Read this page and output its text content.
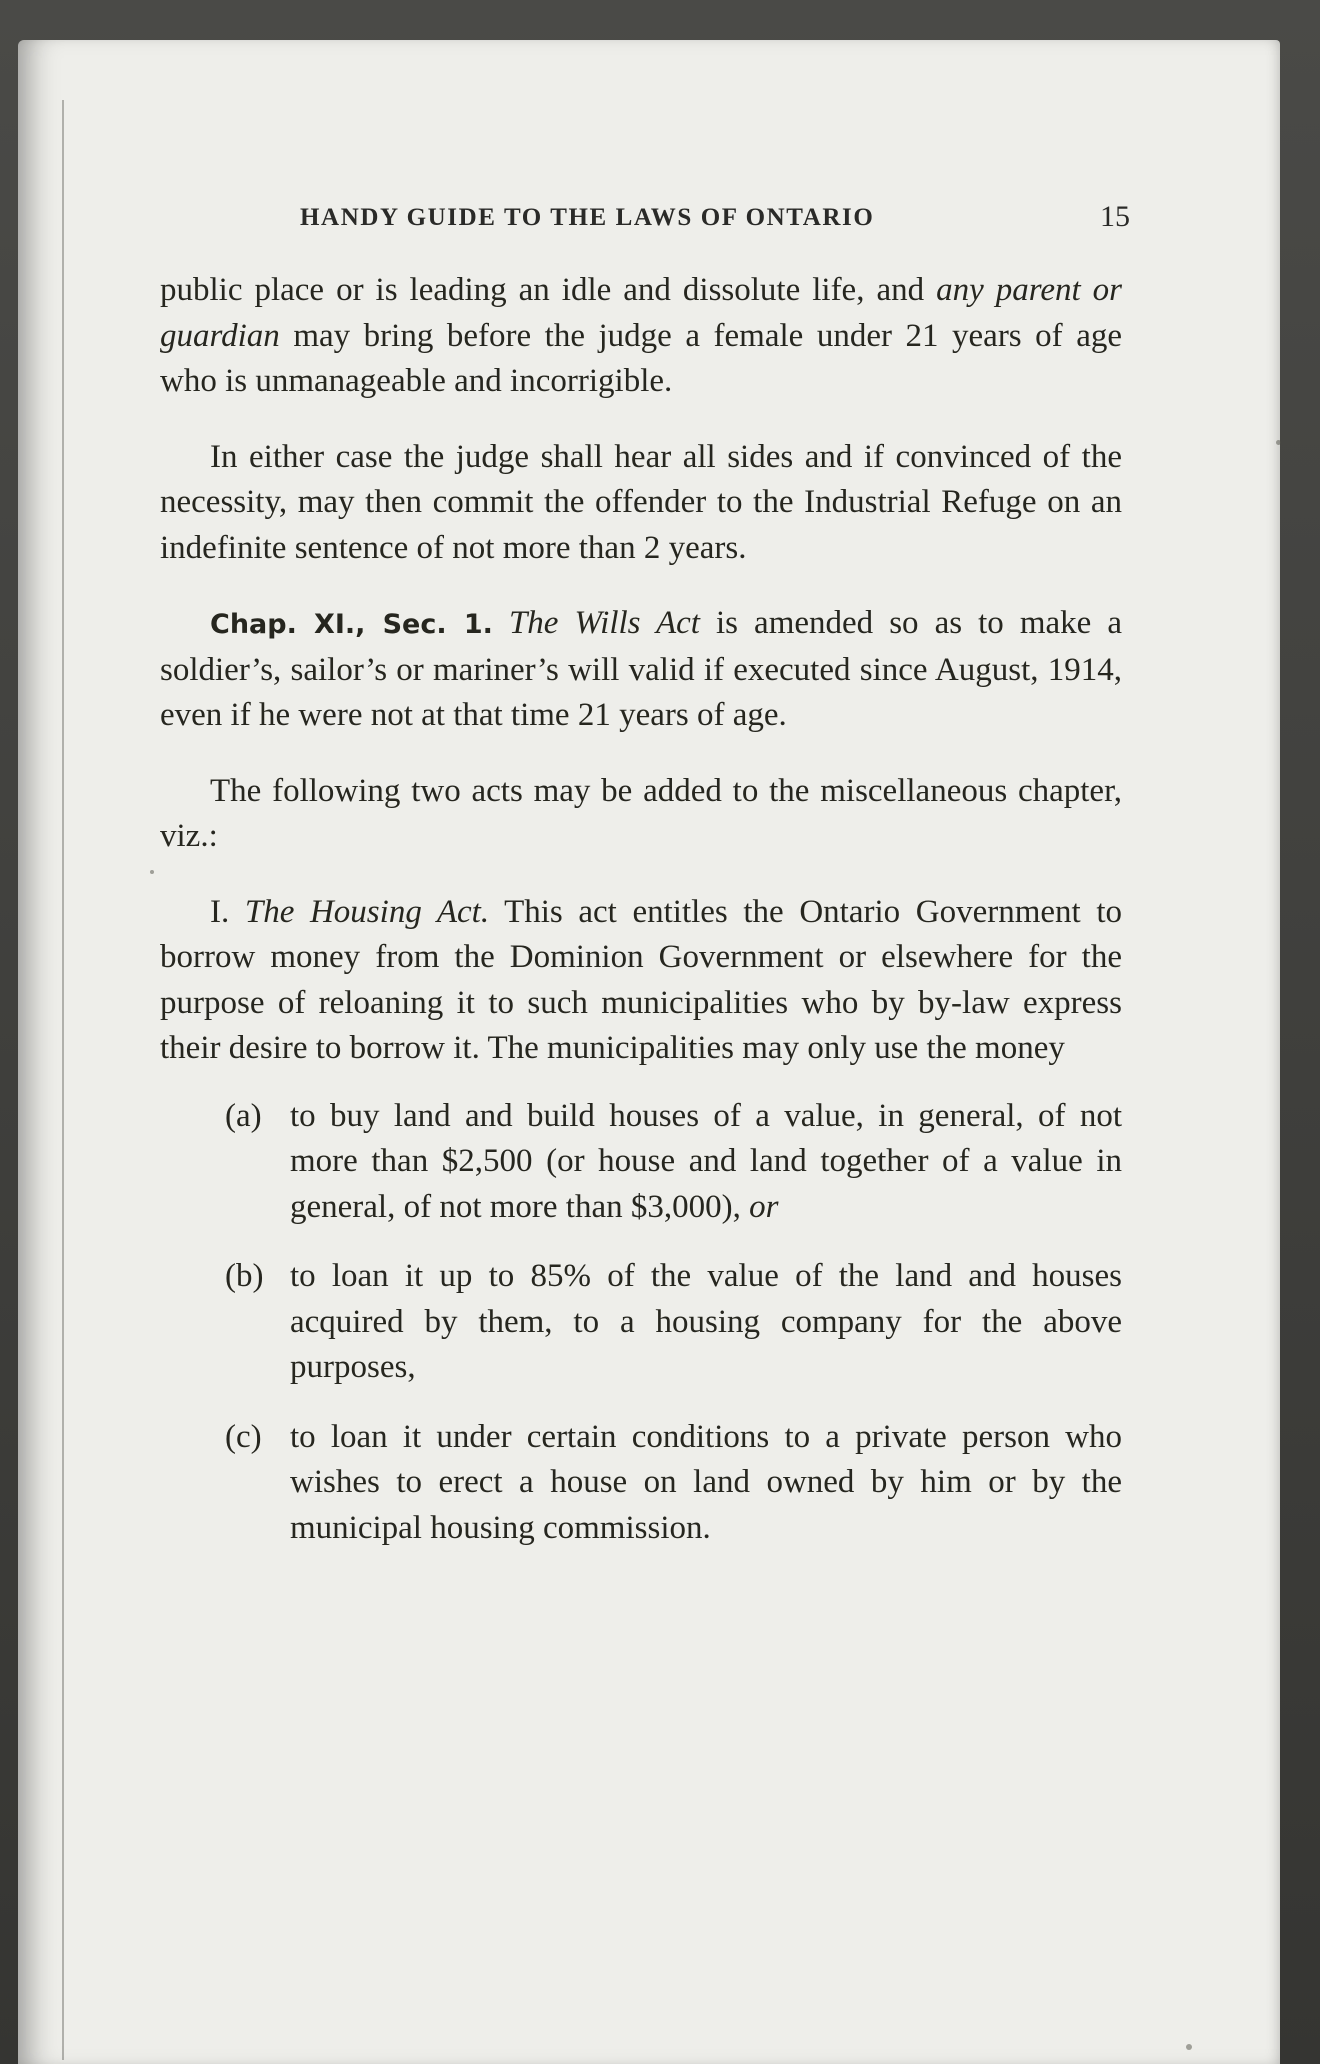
HANDY GUIDE TO THE LAWS OF ONTARIO	15

public place or is leading an idle and dissolute life, and any parent or guardian may bring before the judge a female under 21 years of age who is unmanageable and incorrigible.

In either case the judge shall hear all sides and if convinced of the necessity, may then commit the offender to the Industrial Refuge on an indefinite sentence of not more than 2 years.

Chap. XI., Sec. 1. The Wills Act is amended so as to make a soldier’s, sailor’s or mariner’s will valid if executed since August, 1914, even if he were not at that time 21 years of age.

The following two acts may be added to the miscellaneous chapter, viz.:

I. The Housing Act. This act entitles the Ontario Government to borrow money from the Dominion Government or elsewhere for the purpose of reloaning it to such municipalities who by by-law express their desire to borrow it. The municipalities may only use the money

(a) to buy land and build houses of a value, in general, of not more than $2,500 (or house and land together of a value in general, of not more than $3,000), or
(b) to loan it up to 85% of the value of the land and houses acquired by them, to a housing company for the above purposes,
(c) to loan it under certain conditions to a private person who wishes to erect a house on land owned by him or by the municipal housing commission.
